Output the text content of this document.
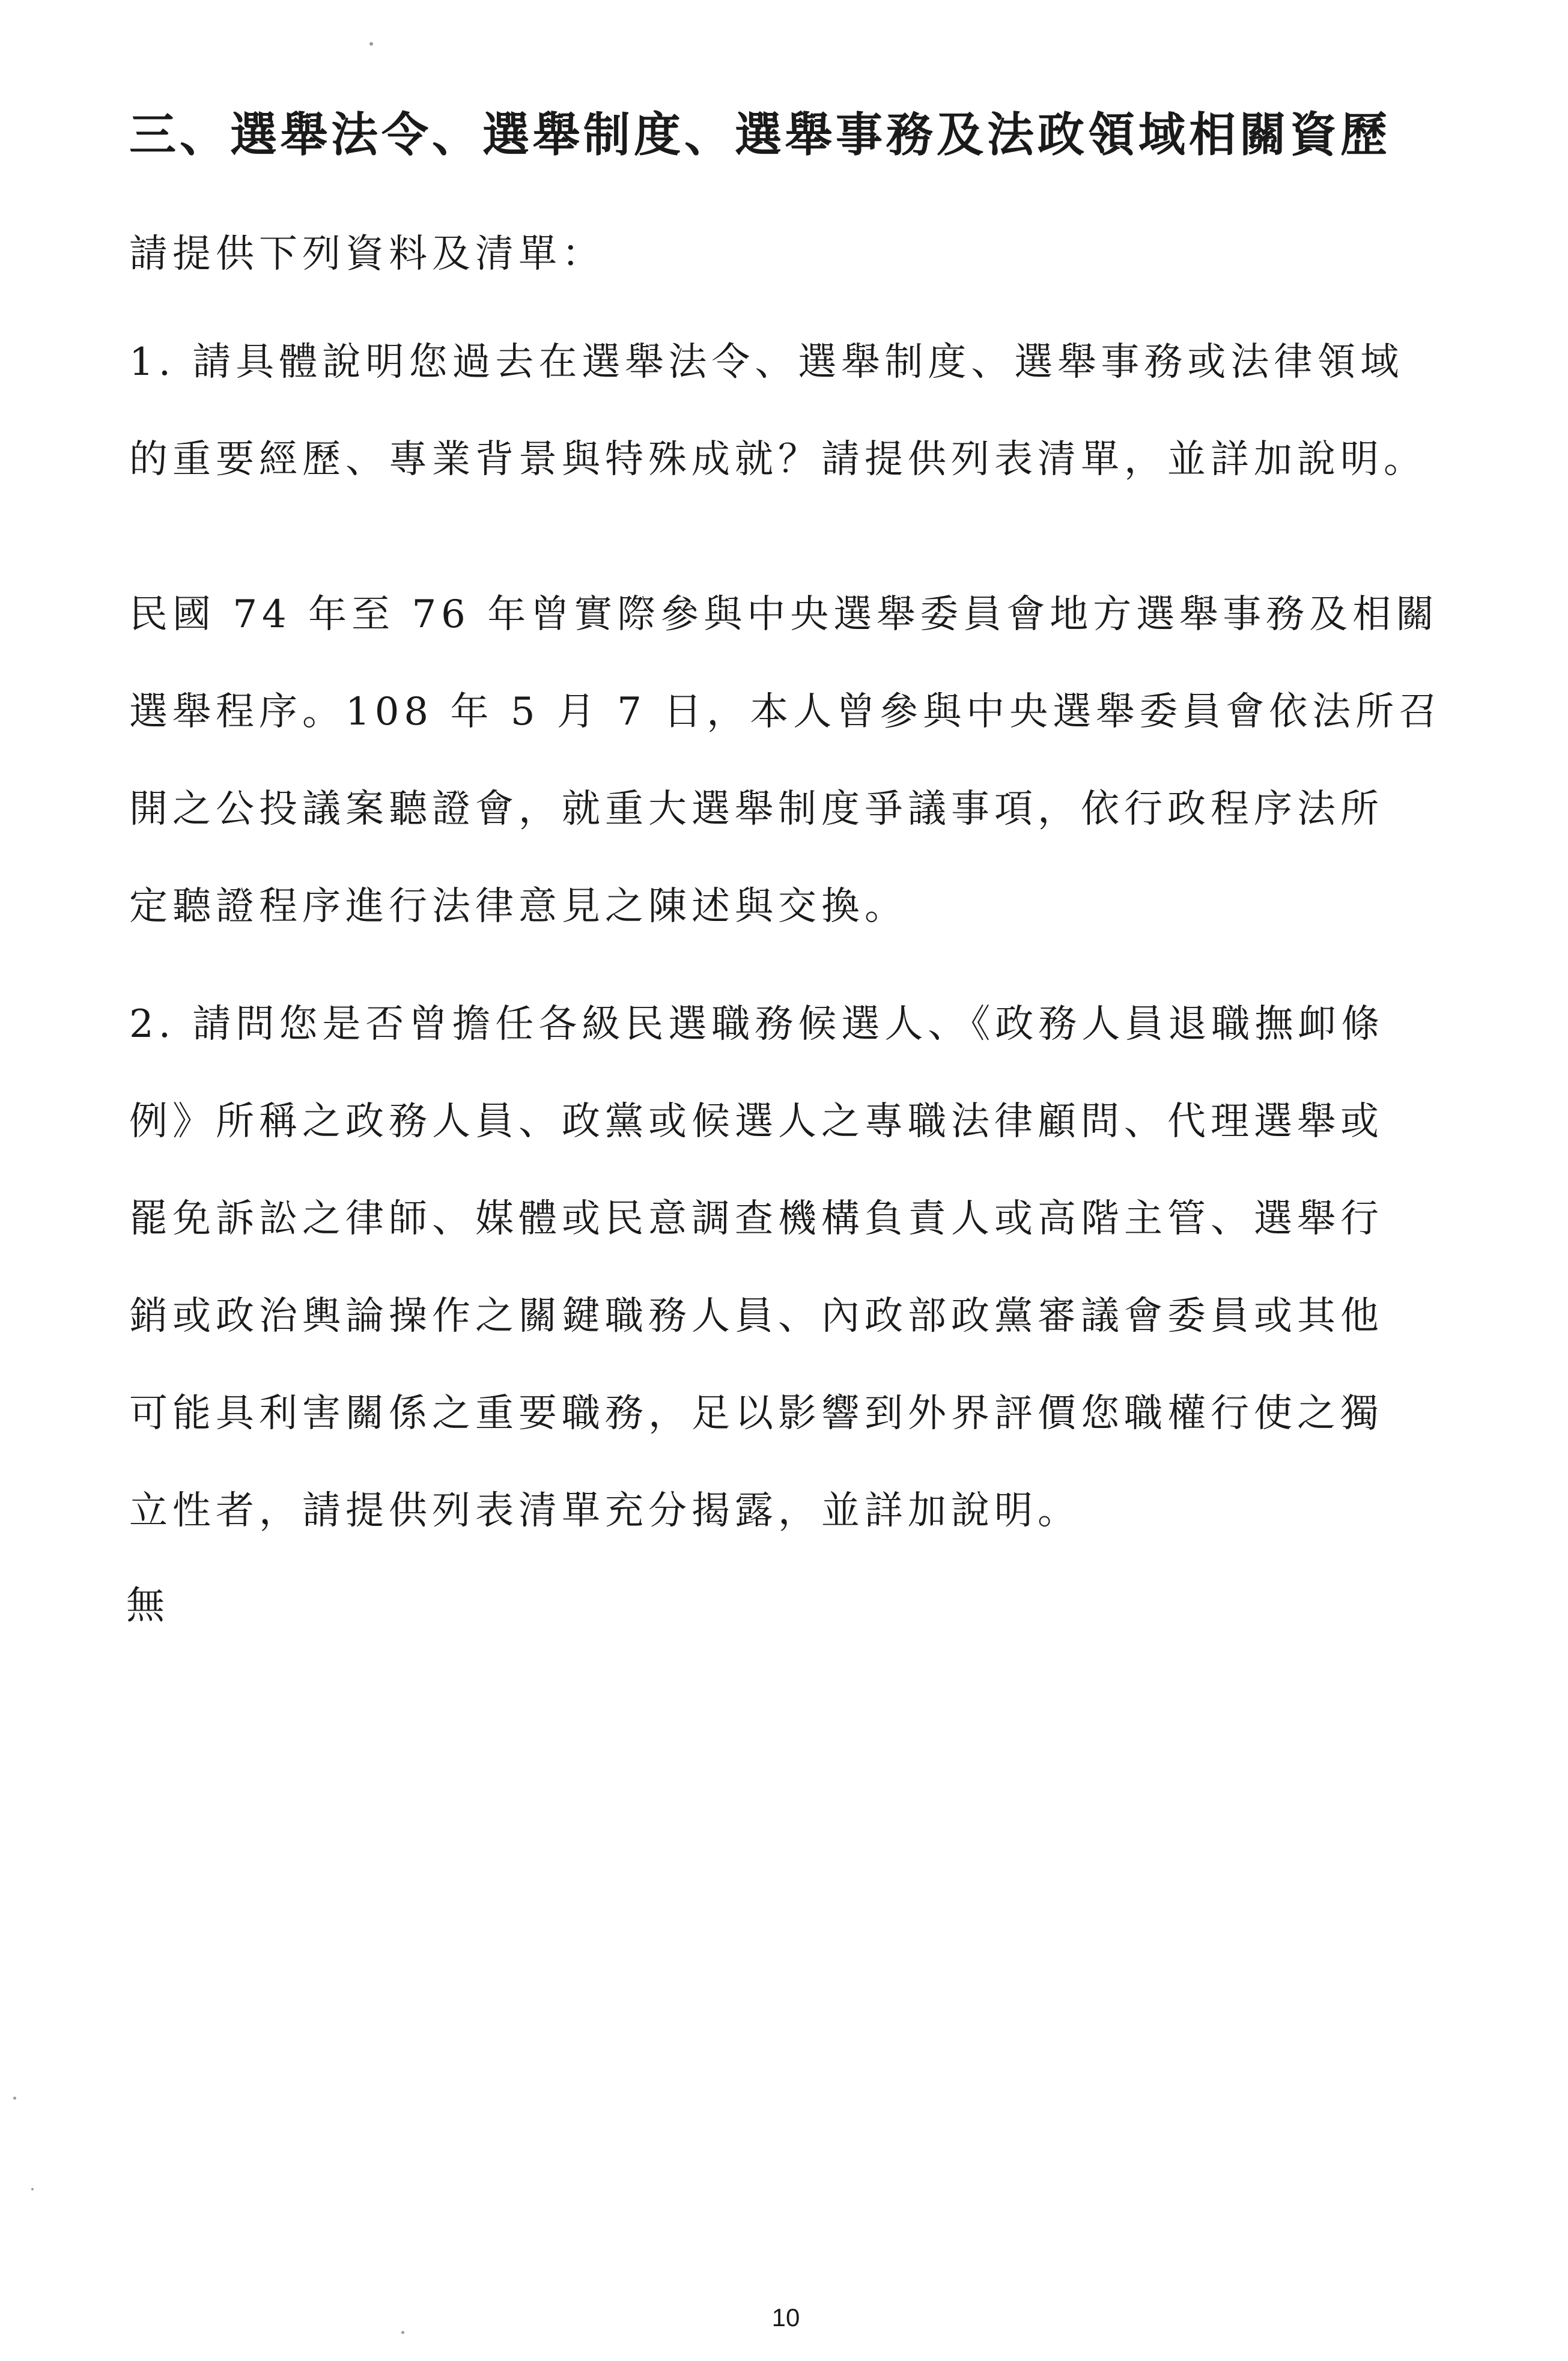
三、選舉法令、選舉制度、選舉事務及法政領域相關資歷
請提供下列資料及清單：
1. 請具體說明您過去在選舉法令、選舉制度、選舉事務或法律領域
的重要經歷、專業背景與特殊成就？請提供列表清單，並詳加說明。
民國 74 年至 76 年曾實際參與中央選舉委員會地方選舉事務及相關
選舉程序。108 年 5 月 7 日，本人曾參與中央選舉委員會依法所召
開之公投議案聽證會，就重大選舉制度爭議事項，依行政程序法所
定聽證程序進行法律意見之陳述與交換。
2. 請問您是否曾擔任各級民選職務候選人、《政務人員退職撫卹條
例》所稱之政務人員、政黨或候選人之專職法律顧問、代理選舉或
罷免訴訟之律師、媒體或民意調查機構負責人或高階主管、選舉行
銷或政治輿論操作之關鍵職務人員、內政部政黨審議會委員或其他
可能具利害關係之重要職務，足以影響到外界評價您職權行使之獨
立性者，請提供列表清單充分揭露，並詳加說明。
無
10
